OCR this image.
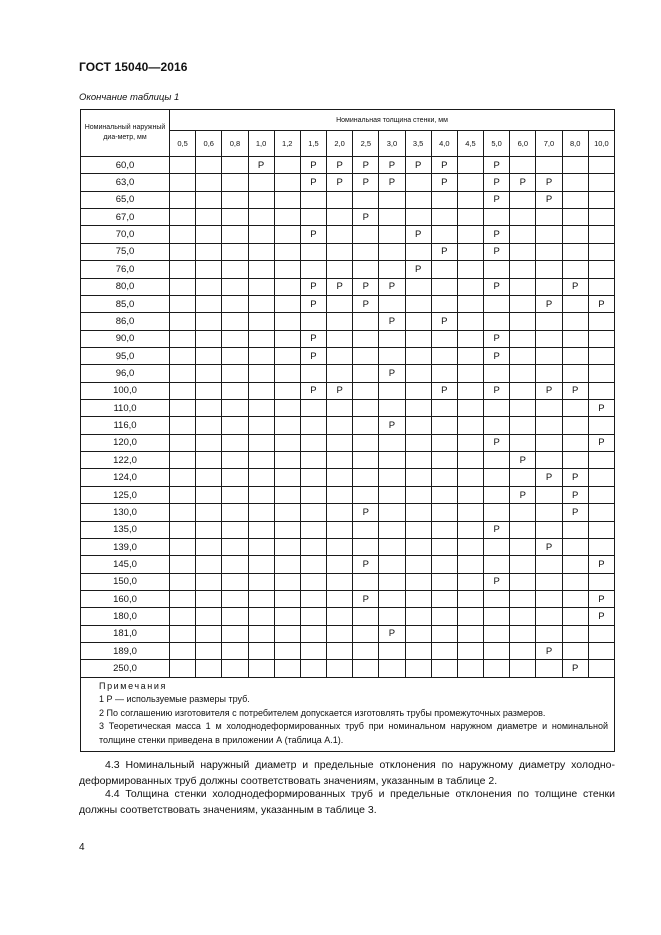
ГОСТ 15040—2016
Окончание таблицы 1
Номинальный наружный диа-метр, мм	Номинальная толщина стенки, мм																
	0,5	0,6	0,8	1,0	1,2	1,5	2,0	2,5	3,0	3,5	4,0	4,5	5,0	6,0	7,0	8,0	10,0
60,0				Р		Р	Р	Р	Р	Р	Р		Р				
63,0						Р	Р	Р	Р		Р		Р	Р	Р		
65,0													Р		Р		
67,0								Р									
70,0						Р				Р			Р				
75,0											Р		Р				
76,0										Р							
80,0						Р	Р	Р	Р				Р			Р	
85,0						Р		Р							Р		Р
86,0									Р		Р						
90,0						Р							Р				
95,0						Р							Р				
96,0									Р								
100,0						Р	Р				Р		Р		Р	Р	
110,0																	Р
116,0									Р								
120,0													Р				Р
122,0														Р			
124,0															Р	Р	
125,0														Р		Р	
130,0								Р								Р	
135,0													Р				
139,0															Р		
145,0								Р									Р
150,0													Р				
160,0								Р									Р
180,0																	Р
181,0									Р								
189,0															Р		
250,0																Р	

Примечания
1 Р — используемые размеры труб.
2 По соглашению изготовителя с потребителем допускается изготовлять трубы промежуточных размеров.
3 Теоретическая масса 1 м холоднодеформированных труб при номинальном наружном диаметре и номинальной толщине стенки приведена в приложении А (таблица А.1).																	
4.3 Номинальный наружный диаметр и предельные отклонения по наружному диаметру холодно-деформированных труб должны соответствовать значениям, указанным в таблице 2.
4.4 Толщина стенки холоднодеформированных труб и предельные отклонения по толщине стенки должны соответствовать значениям, указанным в таблице 3.
4
